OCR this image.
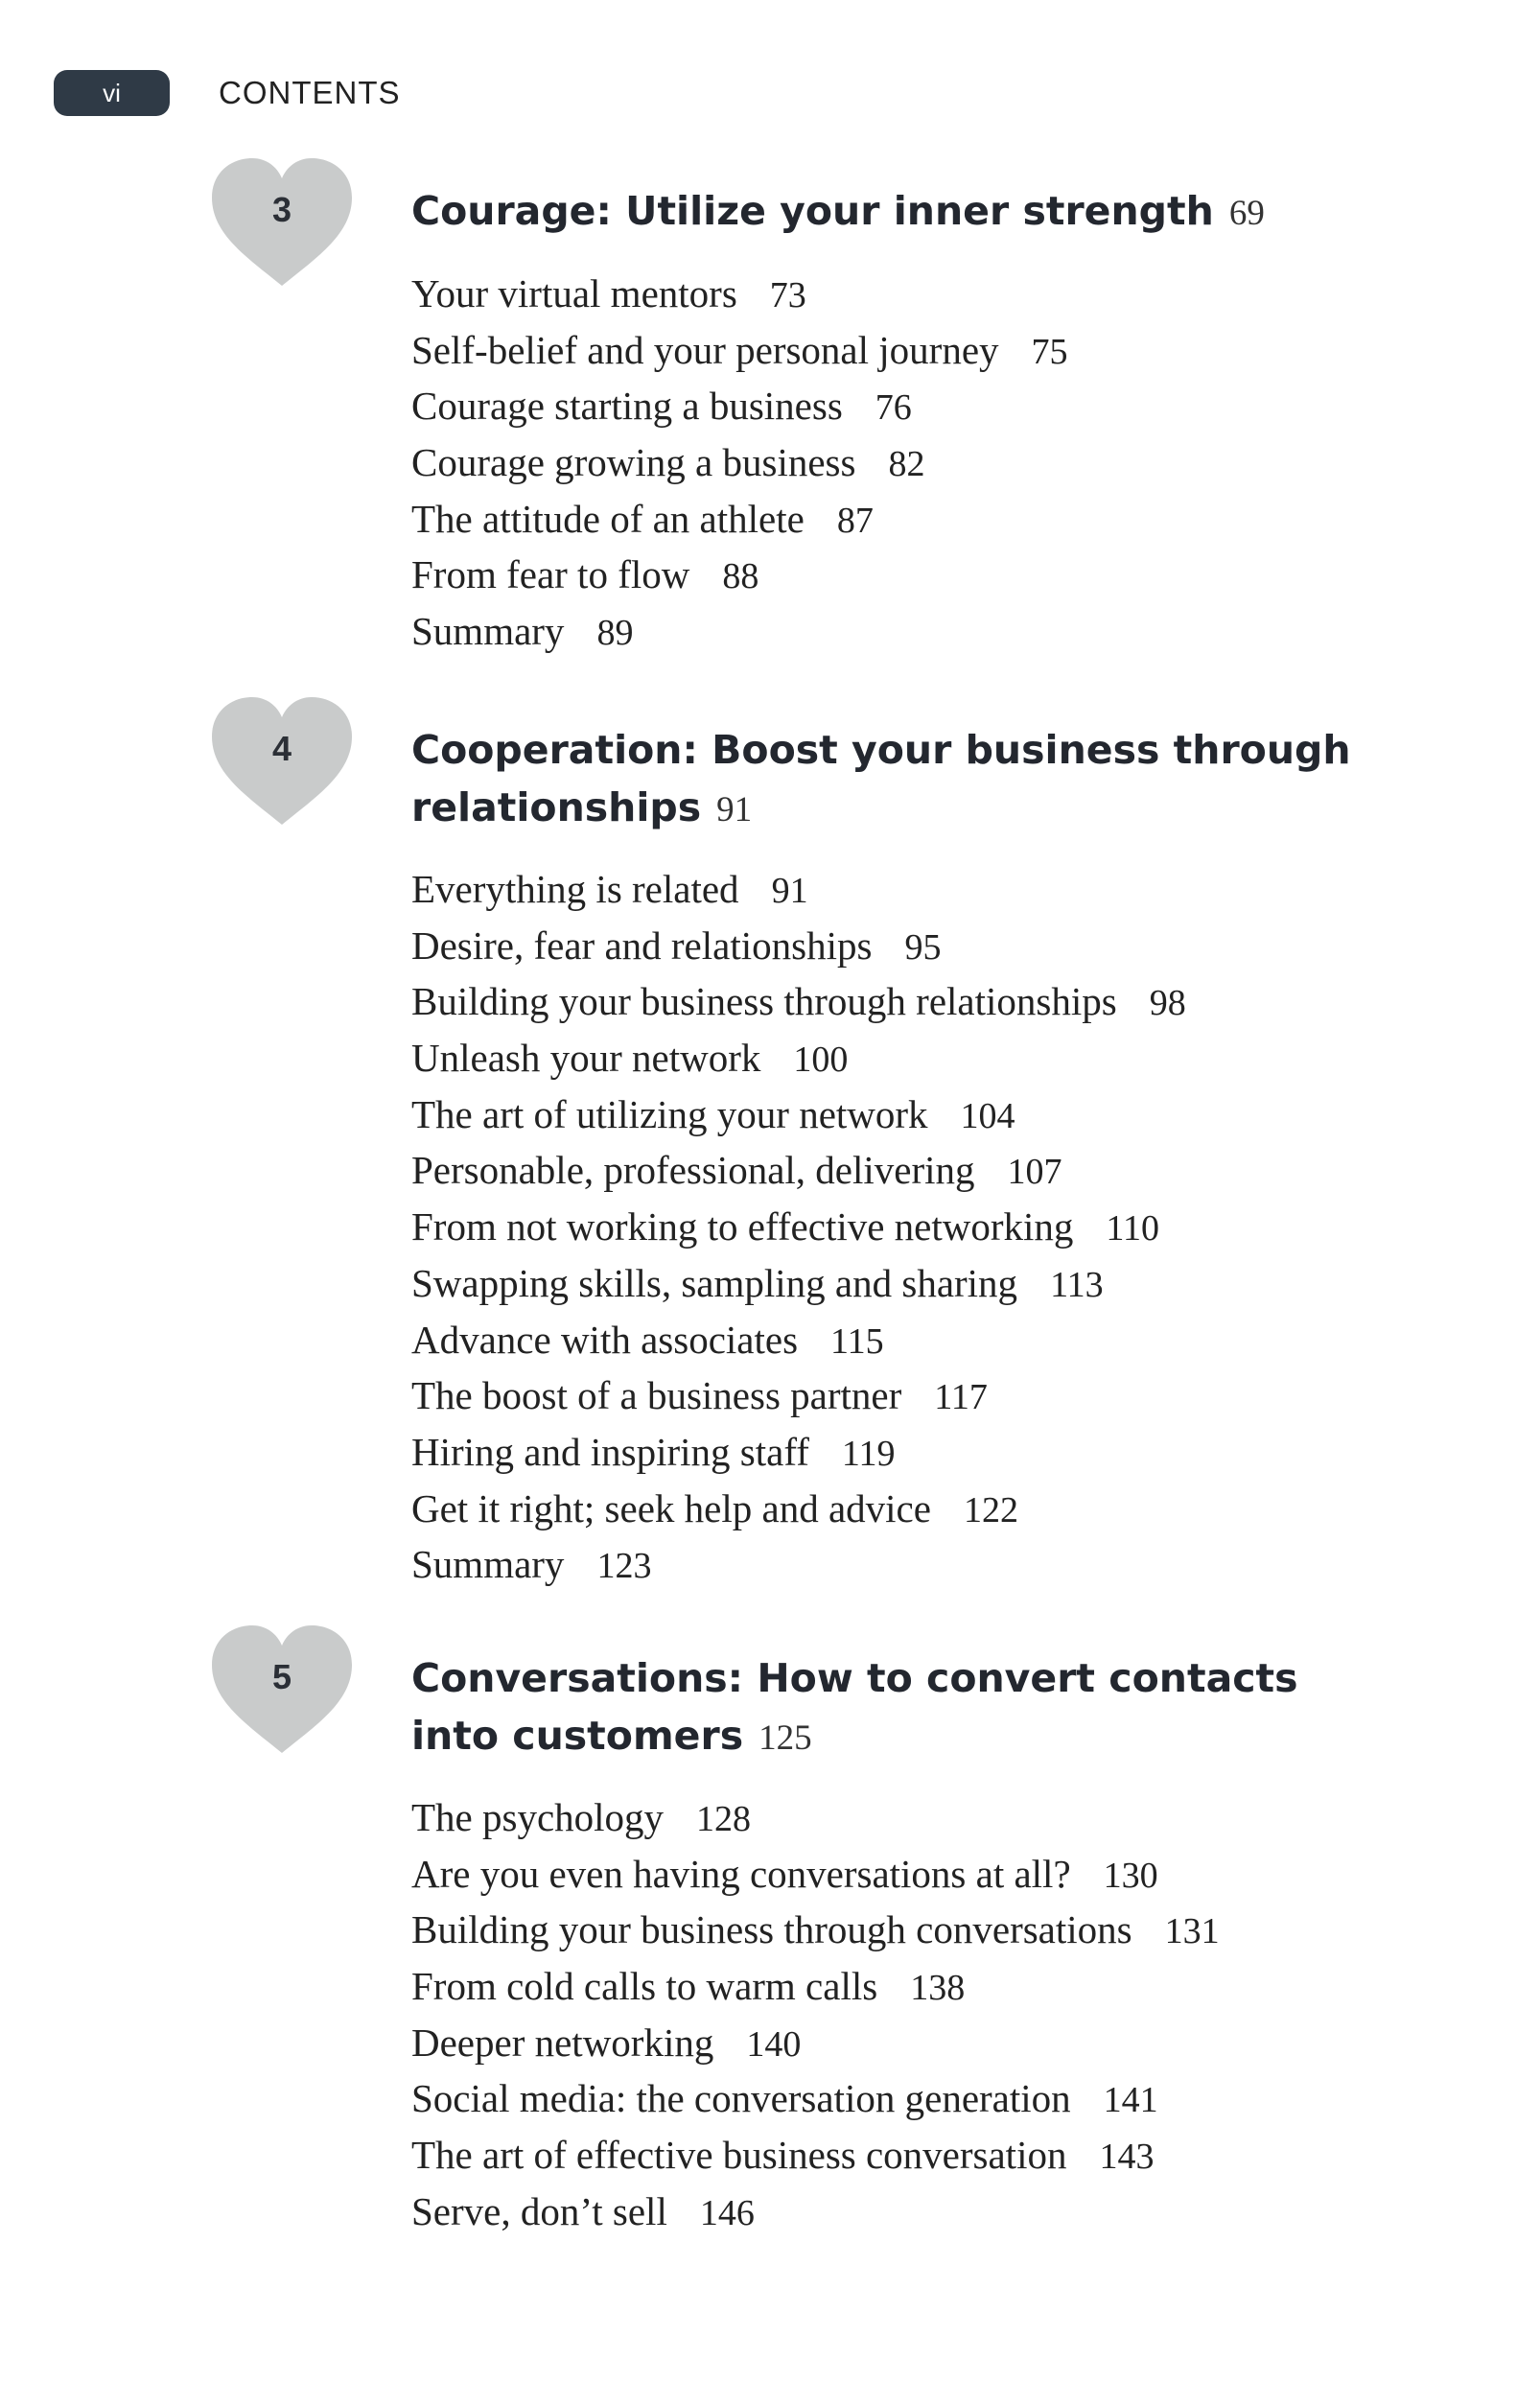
vi	CONTENTS
3	Courage: Utilize your inner strength 69
Your virtual mentors 73
Self-belief and your personal journey 75
Courage starting a business 76
Courage growing a business 82
The attitude of an athlete 87
From fear to flow 88
Summary 89
4	Cooperation: Boost your business through
relationships 91
Everything is related 91
Desire, fear and relationships 95
Building your business through relationships 98
Unleash your network 100
The art of utilizing your network 104
Personable, professional, delivering 107
From not working to effective networking 110
Swapping skills, sampling and sharing 113
Advance with associates 115
The boost of a business partner 117
Hiring and inspiring staff 119
Get it right; seek help and advice 122
Summary 123
5	Conversations: How to convert contacts
into customers 125
The psychology 128
Are you even having conversations at all? 130
Building your business through conversations 131
From cold calls to warm calls 138
Deeper networking 140
Social media: the conversation generation 141
The art of effective business conversation 143
Serve, don’t sell 146
